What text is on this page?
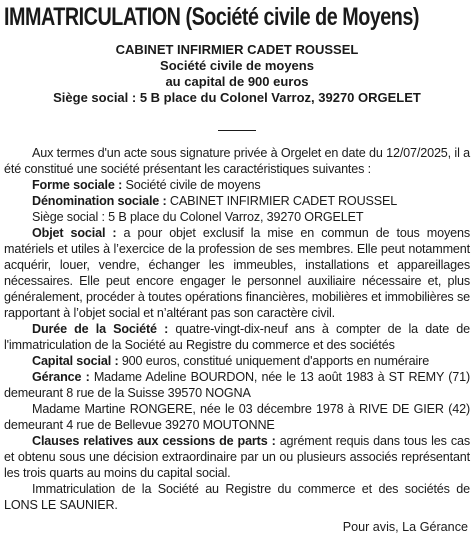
IMMATRICULATION (Société civile de Moyens)
CABINET INFIRMIER CADET ROUSSEL
Société civile de moyens
au capital de 900 euros
Siège social : 5 B place du Colonel Varroz, 39270 ORGELET

Aux termes d'un acte sous signature privée à Orgelet en date du 12/07/2025, il a été constitué une société présentant les caractéristiques suivantes :

Forme sociale : Société civile de moyens

Dénomination sociale : CABINET INFIRMIER CADET ROUSSEL

Siège social : 5 B place du Colonel Varroz, 39270 ORGELET

Objet social : a pour objet exclusif la mise en commun de tous moyens matériels et utiles à l’exercice de la profession de ses membres. Elle peut notamment acquérir, louer, vendre, échanger les immeubles, installations et appareillages nécessaires. Elle peut encore engager le personnel auxiliaire nécessaire et, plus généralement, procéder à toutes opérations financières, mobilières et immobilières se rapportant à l’objet social et n’altérant pas son caractère civil.

Durée de la Société : quatre-vingt-dix-neuf ans à compter de la date de l'immatriculation de la Société au Registre du commerce et des sociétés

Capital social : 900 euros, constitué uniquement d'apports en numéraire

Gérance : Madame Adeline BOURDON, née le 13 août 1983 à ST REMY (71) demeurant 8 rue de la Suisse 39570 NOGNA

Madame Martine RONGERE, née le 03 décembre 1978 à RIVE DE GIER (42) demeurant 4 rue de Bellevue 39270 MOUTONNE

Clauses relatives aux cessions de parts : agrément requis dans tous les cas et obtenu sous une décision extraordinaire par un ou plusieurs associés représentant les trois quarts au moins du capital social.

Immatriculation de la Société au Registre du commerce et des sociétés de LONS LE SAUNIER.

Pour avis, La Gérance
